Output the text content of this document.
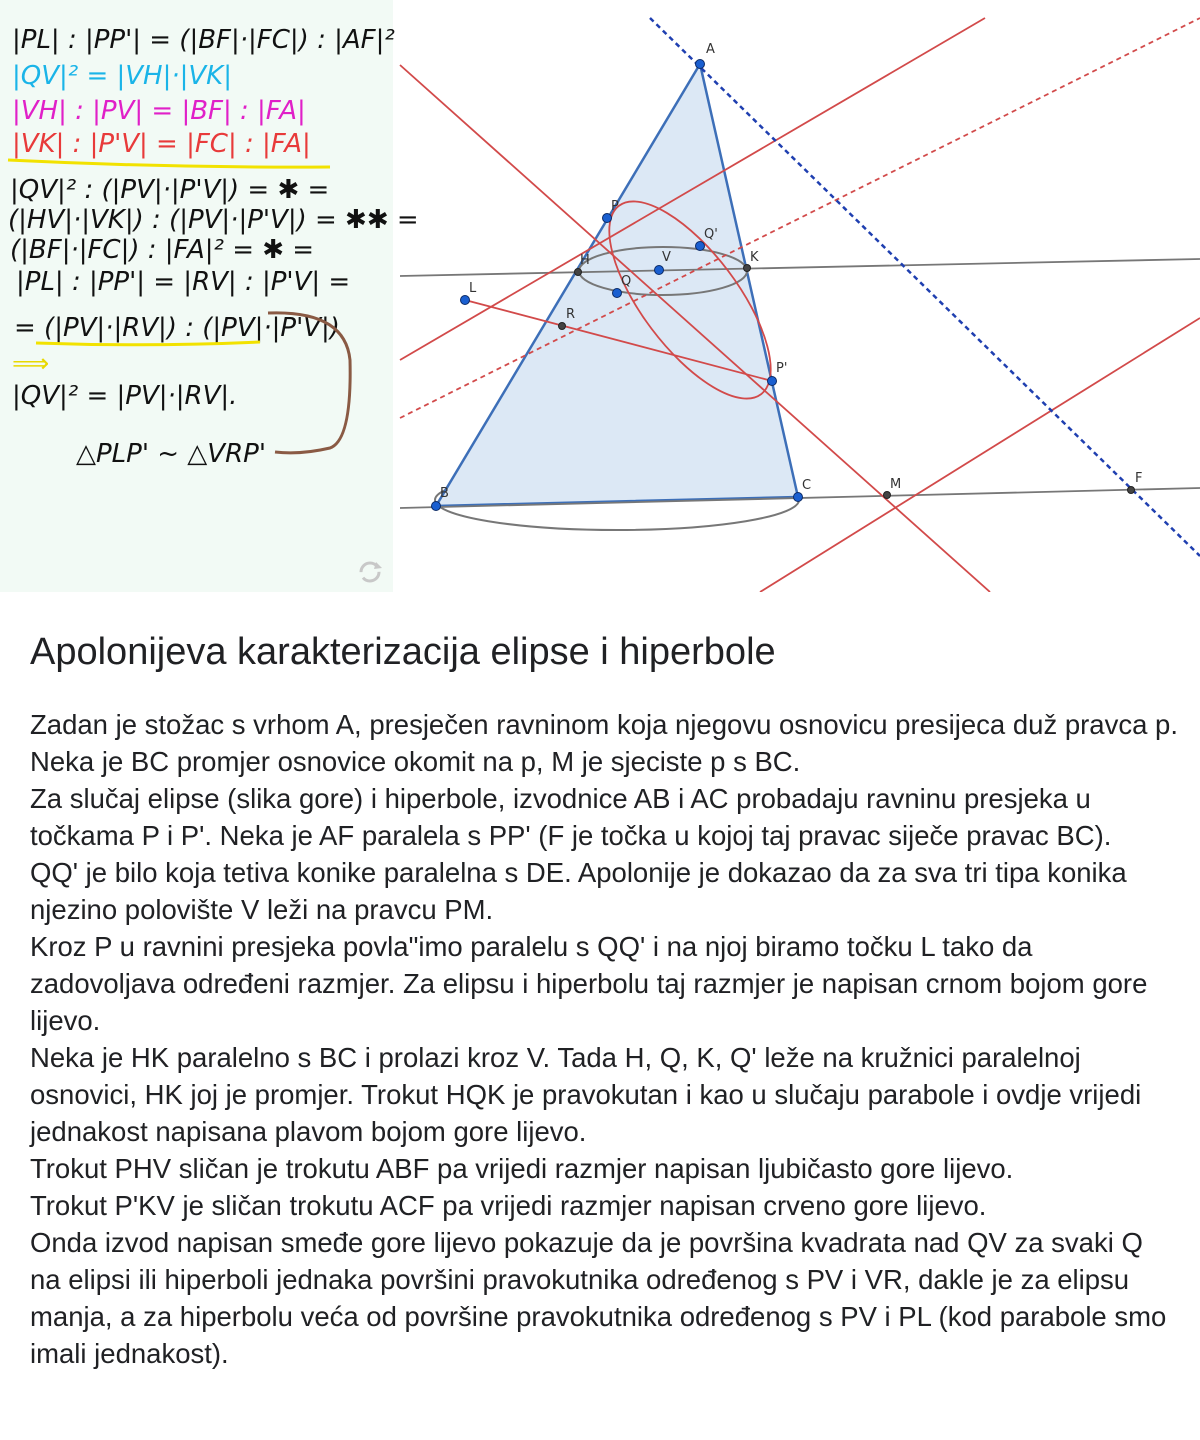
A
B
C
P
P'
Q
Q'
V
H	K
L
R
M	F
|PL| : |PP'| = (|BF|·|FC|) : |AF|²
|QV|² = |VH|·|VK|
|VH| : |PV| = |BF| : |FA|
|VK| : |P'V| = |FC| : |FA|
|QV|² : (|PV|·|P'V|) = ✱ =
(|HV|·|VK|) : (|PV|·|P'V|) = ✱✱ =
(|BF|·|FC|) : |FA|² = ✱ =
|PL| : |PP'| = |RV| : |P'V| =
= (|PV|·|RV|) : (|PV|·|P'V|)
⟹
|QV|² = |PV|·|RV|.
△PLP' ~ △VRP'
Apolonijeva karakterizacija elipse i hiperbole

Zadan je stožac s vrhom A, presječen ravninom koja njegovu osnovicu presijeca duž pravca p. Neka je BC promjer osnovice okomit na p, M je sjeciste p s BC.

Za slučaj elipse (slika gore) i hiperbole, izvodnice AB i AC probadaju ravninu presjeka u točkama P i P'. Neka je AF paralela s PP' (F je točka u kojoj taj pravac siječe pravac BC).

QQ' je bilo koja tetiva konike paralelna s DE. Apolonije je dokazao da za sva tri tipa konika njezino polovište V leži na pravcu PM.

Kroz P u ravnini presjeka povla"imo paralelu s QQ' i na njoj biramo točku L tako da zadovoljava određeni razmjer. Za elipsu i hiperbolu taj razmjer je napisan crnom bojom gore lijevo.

Neka je HK paralelno s BC i prolazi kroz V. Tada H, Q, K, Q' leže na kružnici paralelnoj osnovici, HK joj je promjer. Trokut HQK je pravokutan i kao u slučaju parabole i ovdje vrijedi jednakost napisana plavom bojom gore lijevo.

Trokut PHV sličan je trokutu ABF pa vrijedi razmjer napisan ljubičasto gore lijevo.

Trokut P'KV je sličan trokutu ACF pa vrijedi razmjer napisan crveno gore lijevo.

Onda izvod napisan smeđe gore lijevo pokazuje da je površina kvadrata nad QV za svaki Q na elipsi ili hiperboli jednaka površini pravokutnika određenog s PV i VR, dakle je za elipsu manja, a za hiperbolu veća od površine pravokutnika određenog s PV i PL (kod parabole smo imali jednakost).
